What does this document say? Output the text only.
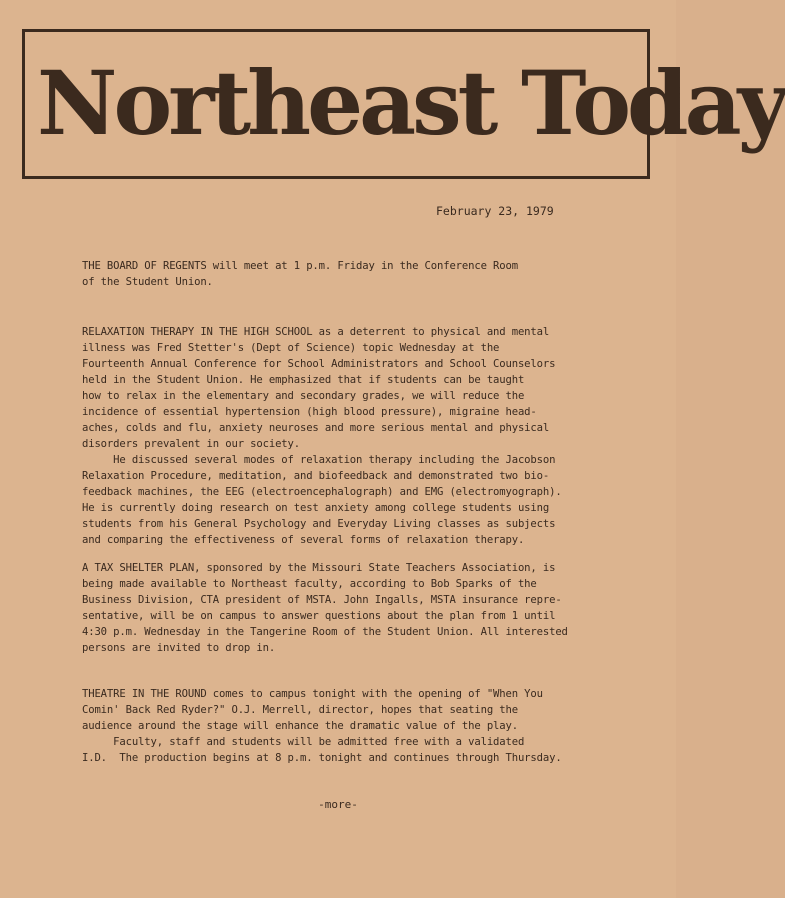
Northeast Today
February 23, 1979
THE BOARD OF REGENTS will meet at 1 p.m. Friday in the Conference Room
of the Student Union.
RELAXATION THERAPY IN THE HIGH SCHOOL as a deterrent to physical and mental
illness was Fred Stetter's (Dept of Science) topic Wednesday at the
Fourteenth Annual Conference for School Administrators and School Counselors
held in the Student Union. He emphasized that if students can be taught
how to relax in the elementary and secondary grades, we will reduce the
incidence of essential hypertension (high blood pressure), migraine head-
aches, colds and flu, anxiety neuroses and more serious mental and physical
disorders prevalent in our society.
He discussed several modes of relaxation therapy including the Jacobson
Relaxation Procedure, meditation, and biofeedback and demonstrated two bio-
feedback machines, the EEG (electroencephalograph) and EMG (electromyograph).
He is currently doing research on test anxiety among college students using
students from his General Psychology and Everyday Living classes as subjects
and comparing the effectiveness of several forms of relaxation therapy.
A TAX SHELTER PLAN, sponsored by the Missouri State Teachers Association, is
being made available to Northeast faculty, according to Bob Sparks of the
Business Division, CTA president of MSTA. John Ingalls, MSTA insurance repre-
sentative, will be on campus to answer questions about the plan from 1 until
4:30 p.m. Wednesday in the Tangerine Room of the Student Union. All interested
persons are invited to drop in.
THEATRE IN THE ROUND comes to campus tonight with the opening of "When You
Comin' Back Red Ryder?" O.J. Merrell, director, hopes that seating the
audience around the stage will enhance the dramatic value of the play.
Faculty, staff and students will be admitted free with a validated
I.D.  The production begins at 8 p.m. tonight and continues through Thursday.
-more-
